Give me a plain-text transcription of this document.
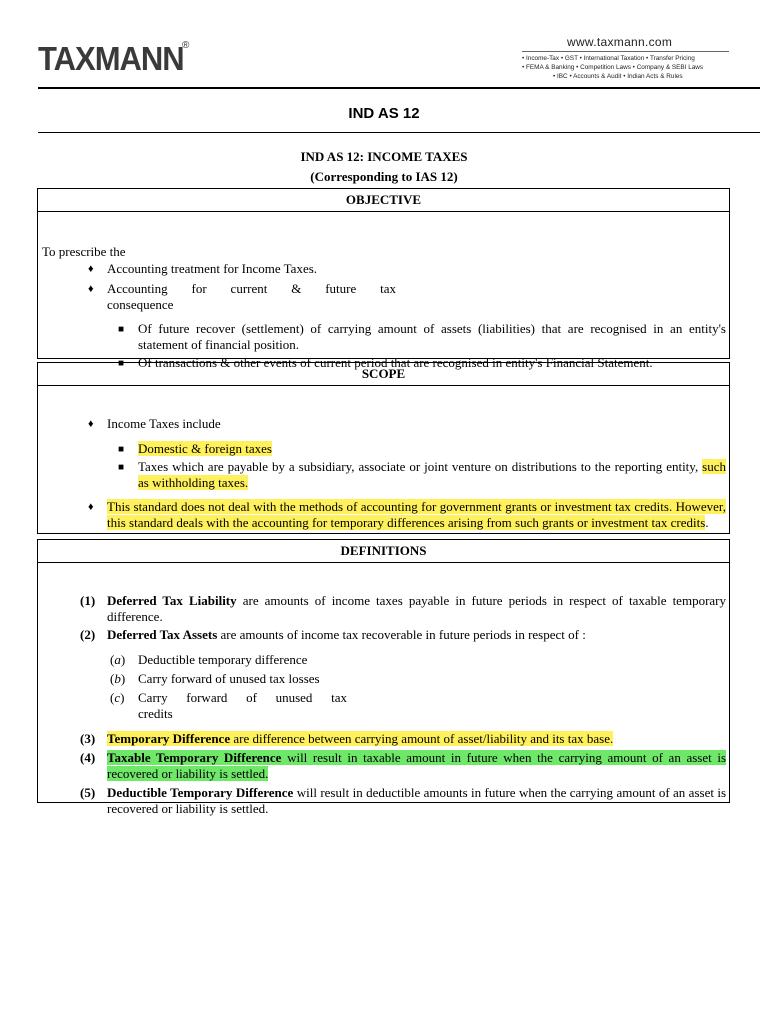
TAXMANN
®	www.taxmann.com
• Income-Tax • GST • International Taxation • Transfer Pricing
• FEMA & Banking • Competition Laws • Company & SEBI Laws
• IBC • Accounts & Audit • Indian Acts & Rules
IND AS 12
IND AS 12: INCOME TAXES
(Corresponding to IAS 12)
OBJECTIVE
To prescribe the
♦ Accounting treatment for Income Taxes.
♦ Accounting for current & future tax
consequence
■ Of future recover (settlement) of carrying amount of assets (liabilities) that are recognised in an entity's statement of financial position.
■ Of transactions & other events of current period that are recognised in entity's Financial Statement.
SCOPE
♦ Income Taxes include
■ Domestic & foreign taxes
■ Taxes which are payable by a subsidiary, associate or joint venture on distributions to the reporting entity, such as withholding taxes.
♦ This standard does not deal with the methods of accounting for government grants or investment tax credits. However, this standard deals with the accounting for temporary differences arising from such grants or investment tax credits.
DEFINITIONS
(1) Deferred Tax Liability are amounts of income taxes payable in future periods in respect of taxable temporary difference.
(2) Deferred Tax Assets are amounts of income tax recoverable in future periods in respect of :
(a) Deductible temporary difference
(b) Carry forward of unused tax losses
(c) Carry forward of unused tax
credits
(3) Temporary Difference are difference between carrying amount of asset/liability and its tax base.
(4) Taxable Temporary Difference will result in taxable amount in future when the carrying amount of an asset is recovered or liability is settled.
(5) Deductible Temporary Difference will result in deductible amounts in future when the carrying amount of an asset is recovered or liability is settled.
